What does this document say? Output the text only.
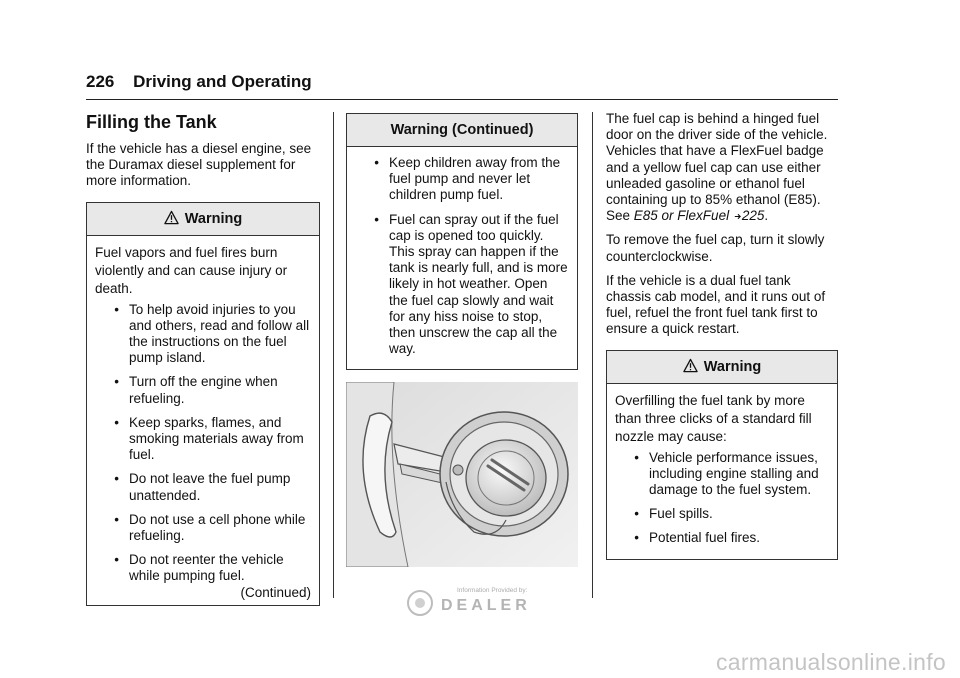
226 Driving and Operating
Filling the Tank

If the vehicle has a diesel engine, see the Duramax diesel supplement for more information.

Warning

Fuel vapors and fuel fires burn violently and can cause injury or death.

• To help avoid injuries to you and others, read and follow all the instructions on the fuel pump island.
• Turn off the engine when refueling.
• Keep sparks, flames, and smoking materials away from fuel.
• Do not leave the fuel pump unattended.
• Do not use a cell phone while refueling.
• Do not reenter the vehicle while pumping fuel.
(Continued)
Warning (Continued)
• Keep children away from the fuel pump and never let children pump fuel.
• Fuel can spray out if the fuel cap is opened too quickly. This spray can happen if the tank is nearly full, and is more likely in hot weather. Open the fuel cap slowly and wait for any hiss noise to stop, then unscrew the cap all the way.
Information Provided by:
DEALER

The fuel cap is behind a hinged fuel door on the driver side of the vehicle. Vehicles that have a FlexFuel badge and a yellow fuel cap can use either unleaded gasoline or ethanol fuel containing up to 85% ethanol (E85). See E85 or FlexFuel 225.

To remove the fuel cap, turn it slowly counterclockwise.

If the vehicle is a dual fuel tank chassis cab model, and it runs out of fuel, refuel the front fuel tank first to ensure a quick restart.

Warning

Overfilling the fuel tank by more than three clicks of a standard fill nozzle may cause:

• Vehicle performance issues, including engine stalling and damage to the fuel system.
• Fuel spills.
• Potential fuel fires.
carmanualsonline.info
